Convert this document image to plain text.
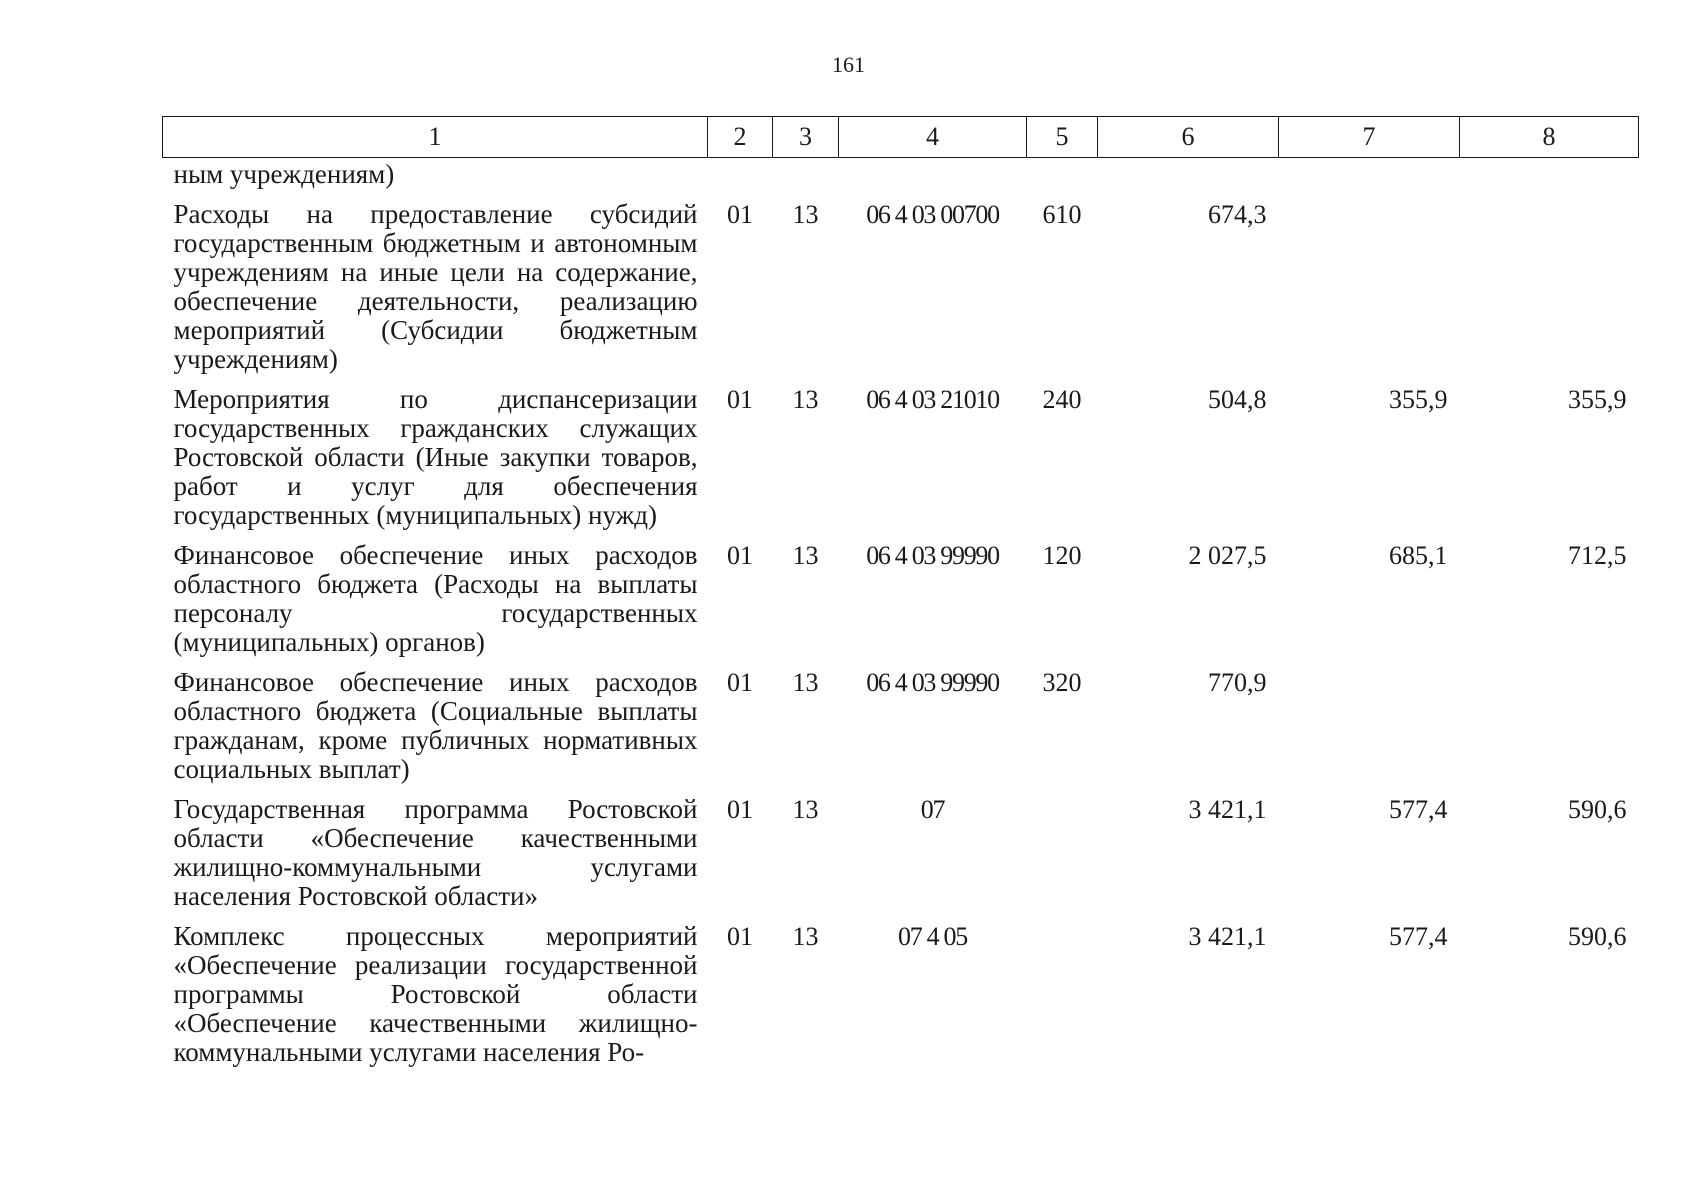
161
1	2	3	4	5	6	7	8
ным учреждениям)							
Расходы на предоставление субсидий государственным бюджетным и автономным учреждениям на иные цели на содержание, обеспечение деятельности, реализацию мероприятий (Субсидии бюджетным учреждениям)	01	13	06 4 03 00700	610	674,3		
Мероприятия по диспансеризации государственных гражданских служащих Ростовской области (Иные закупки товаров, работ и услуг для обеспечения государственных (муниципальных) нужд)	01	13	06 4 03 21010	240	504,8	355,9	355,9
Финансовое обеспечение иных расходов областного бюджета (Расходы на выплаты персоналу государственных (муниципальных) органов)	01	13	06 4 03 99990	120	2 027,5	685,1	712,5
Финансовое обеспечение иных расходов областного бюджета (Социальные выплаты гражданам, кроме публичных нормативных социальных выплат)	01	13	06 4 03 99990	320	770,9		
Государственная программа Ростовской области «Обеспечение качественными жилищно-коммунальными услугами населения Ростовской области»	01	13	07		3 421,1	577,4	590,6
Комплекс процессных мероприятий «Обеспечение реализации государственной программы Ростовской области «Обеспечение качественными жилищно-коммунальными услугами населения Ро-	01	13	07 4 05		3 421,1	577,4	590,6
